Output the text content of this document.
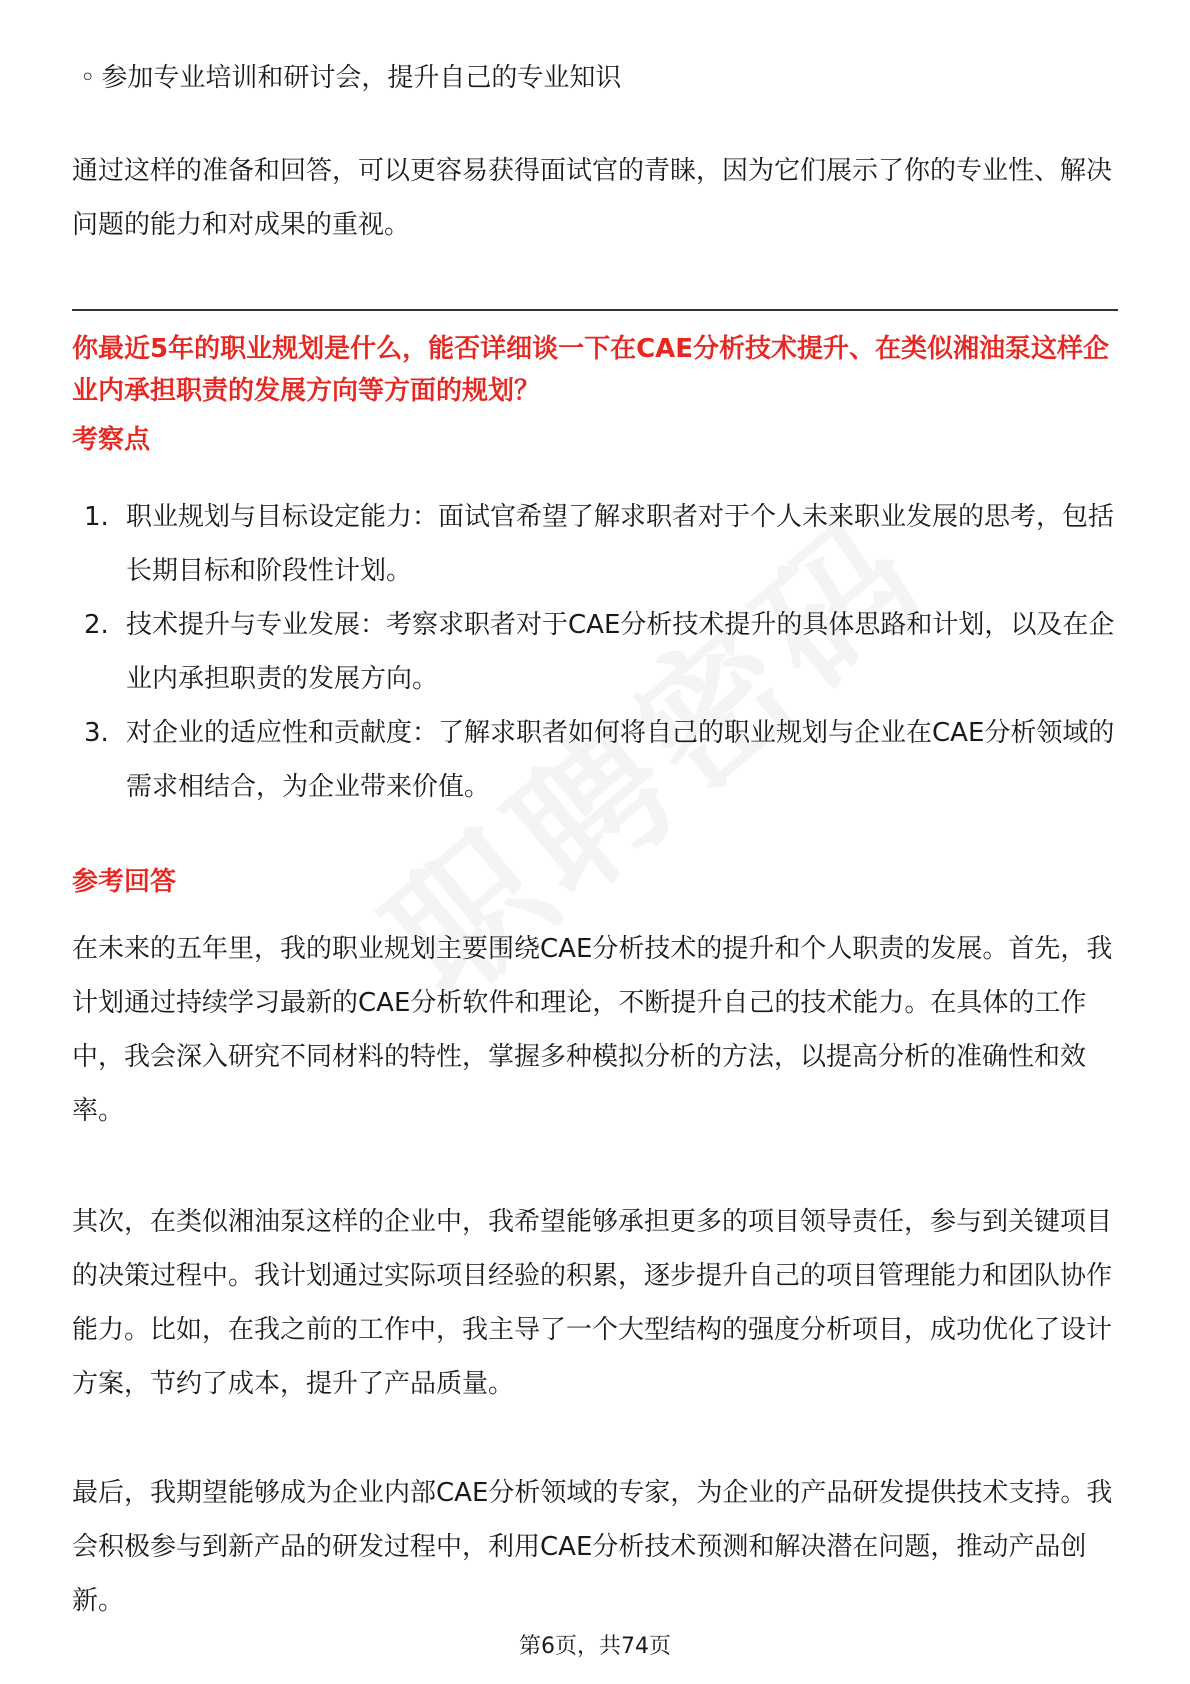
◦ 参加专业培训和研讨会，提升自己的专业知识

通过这样的准备和回答，可以更容易获得面试官的青睐，因为它们展示了你的专业性、解决问题的能力和对成果的重视。

你最近5年的职业规划是什么，能否详细谈一下在CAE分析技术提升、在类似湘油泵这样企业内承担职责的发展方向等方面的规划？

考察点

1. 职业规划与目标设定能力：面试官希望了解求职者对于个人未来职业发展的思考，包括长期目标和阶段性计划。
2. 技术提升与专业发展：考察求职者对于CAE分析技术提升的具体思路和计划，以及在企业内承担职责的发展方向。
3. 对企业的适应性和贡献度：了解求职者如何将自己的职业规划与企业在CAE分析领域的需求相结合，为企业带来价值。

参考回答

在未来的五年里，我的职业规划主要围绕CAE分析技术的提升和个人职责的发展。首先，我计划通过持续学习最新的CAE分析软件和理论，不断提升自己的技术能力。在具体的工作中，我会深入研究不同材料的特性，掌握多种模拟分析的方法，以提高分析的准确性和效率。

其次，在类似湘油泵这样的企业中，我希望能够承担更多的项目领导责任，参与到关键项目的决策过程中。我计划通过实际项目经验的积累，逐步提升自己的项目管理能力和团队协作能力。比如，在我之前的工作中，我主导了一个大型结构的强度分析项目，成功优化了设计方案，节约了成本，提升了产品质量。

最后，我期望能够成为企业内部CAE分析领域的专家，为企业的产品研发提供技术支持。我会积极参与到新产品的研发过程中，利用CAE分析技术预测和解决潜在问题，推动产品创新。

第6页，共74页
